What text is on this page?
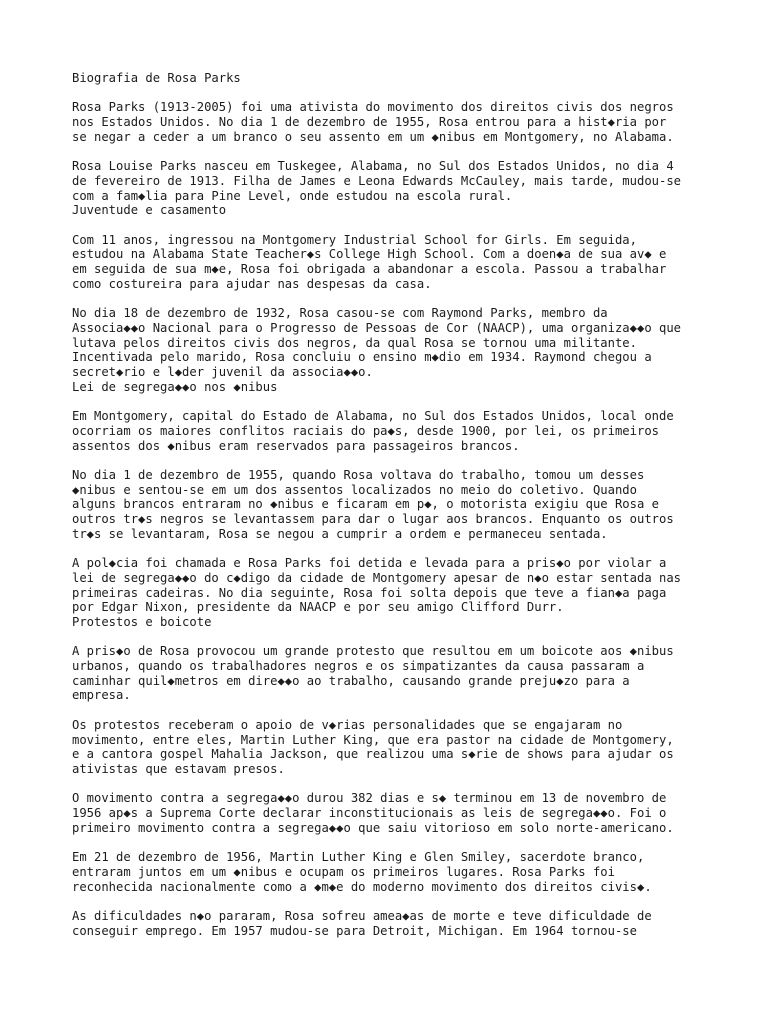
Biografia de Rosa Parks
Rosa Parks (1913-2005) foi uma ativista do movimento dos direitos civis dos negros
nos Estados Unidos. No dia 1 de dezembro de 1955, Rosa entrou para a hist◆ria por
se negar a ceder a um branco o seu assento em um ◆nibus em Montgomery, no Alabama.
Rosa Louise Parks nasceu em Tuskegee, Alabama, no Sul dos Estados Unidos, no dia 4
de fevereiro de 1913. Filha de James e Leona Edwards McCauley, mais tarde, mudou-se
com a fam◆lia para Pine Level, onde estudou na escola rural.
Juventude e casamento
Com 11 anos, ingressou na Montgomery Industrial School for Girls. Em seguida,
estudou na Alabama State Teacher◆s College High School. Com a doen◆a de sua av◆ e
em seguida de sua m◆e, Rosa foi obrigada a abandonar a escola. Passou a trabalhar
como costureira para ajudar nas despesas da casa.
No dia 18 de dezembro de 1932, Rosa casou-se com Raymond Parks, membro da
Associa◆◆o Nacional para o Progresso de Pessoas de Cor (NAACP), uma organiza◆◆o que
lutava pelos direitos civis dos negros, da qual Rosa se tornou uma militante.
Incentivada pelo marido, Rosa concluiu o ensino m◆dio em 1934. Raymond chegou a
secret◆rio e l◆der juvenil da associa◆◆o.
Lei de segrega◆◆o nos ◆nibus
Em Montgomery, capital do Estado de Alabama, no Sul dos Estados Unidos, local onde
ocorriam os maiores conflitos raciais do pa◆s, desde 1900, por lei, os primeiros
assentos dos ◆nibus eram reservados para passageiros brancos.
No dia 1 de dezembro de 1955, quando Rosa voltava do trabalho, tomou um desses
◆nibus e sentou-se em um dos assentos localizados no meio do coletivo. Quando
alguns brancos entraram no ◆nibus e ficaram em p◆, o motorista exigiu que Rosa e
outros tr◆s negros se levantassem para dar o lugar aos brancos. Enquanto os outros
tr◆s se levantaram, Rosa se negou a cumprir a ordem e permaneceu sentada.
A pol◆cia foi chamada e Rosa Parks foi detida e levada para a pris◆o por violar a
lei de segrega◆◆o do c◆digo da cidade de Montgomery apesar de n◆o estar sentada nas
primeiras cadeiras. No dia seguinte, Rosa foi solta depois que teve a fian◆a paga
por Edgar Nixon, presidente da NAACP e por seu amigo Clifford Durr.
Protestos e boicote
A pris◆o de Rosa provocou um grande protesto que resultou em um boicote aos ◆nibus
urbanos, quando os trabalhadores negros e os simpatizantes da causa passaram a
caminhar quil◆metros em dire◆◆o ao trabalho, causando grande preju◆zo para a
empresa.
Os protestos receberam o apoio de v◆rias personalidades que se engajaram no
movimento, entre eles, Martin Luther King, que era pastor na cidade de Montgomery,
e a cantora gospel Mahalia Jackson, que realizou uma s◆rie de shows para ajudar os
ativistas que estavam presos.
O movimento contra a segrega◆◆o durou 382 dias e s◆ terminou em 13 de novembro de
1956 ap◆s a Suprema Corte declarar inconstitucionais as leis de segrega◆◆o. Foi o
primeiro movimento contra a segrega◆◆o que saiu vitorioso em solo norte-americano.
Em 21 de dezembro de 1956, Martin Luther King e Glen Smiley, sacerdote branco,
entraram juntos em um ◆nibus e ocupam os primeiros lugares. Rosa Parks foi
reconhecida nacionalmente como a ◆m◆e do moderno movimento dos direitos civis◆.
As dificuldades n◆o pararam, Rosa sofreu amea◆as de morte e teve dificuldade de
conseguir emprego. Em 1957 mudou-se para Detroit, Michigan. Em 1964 tornou-se
